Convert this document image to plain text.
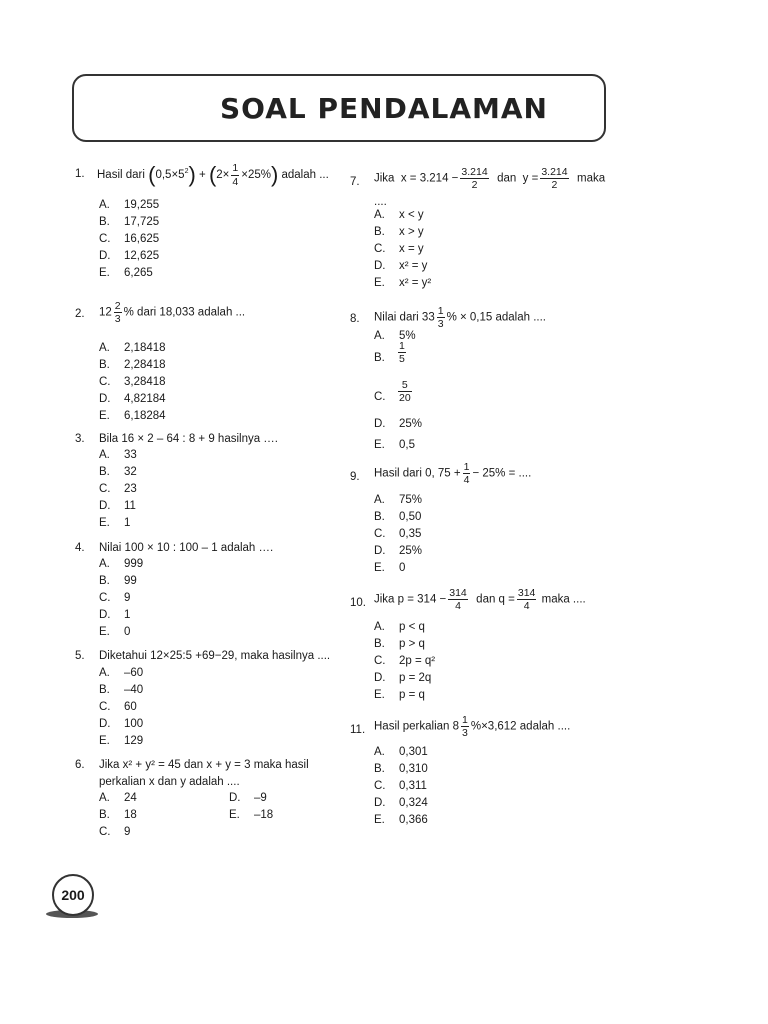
SOAL PENDALAMAN
1. Hasil dari $(0,5\times 5^2) + (2\times \frac{1}{4} \times 25\%)$ adalah ...
2. $12 \frac{2}{3}$ % dari 18,033 adalah ...
3. Bila 16 × 2 – 64 : 8 + 9 hasilnya ….
4. Nilai 100 × 10 : 100 – 1 adalah ….
5. Diketahui 12×25:5 +69−29, maka hasilnya ....
6. Jika x² + y² = 45 dan x + y = 3 maka hasil
perkalian x dan y adalah ....
7. Jika $x = 3.214 - \frac{3.214}{2}$ dan $y = \frac{3.214}{2}$ maka
....
8. Nilai dari $33 \frac{1}{3}$ % × 0,15 adalah ....
9. Hasil dari 0, $75 + \frac{1}{4} - 25\%$ = ....
10. Jika $p = 314 - \frac{314}{4}$ dan $q = \frac{314}{4}$ maka ....
11. Hasil perkalian $8 \frac{1}{3} \%\times 3,612$ adalah ....
A. 19,255
B. 17,725
C. 16,625
D. 12,625
E. 6,265
A. 2,18418
B. 2,28418
C. 3,28418
D. 4,82184
E. 6,18284
A. 33
B. 32
C. 23
D. 11
E. 1
A. 999
B. 99
C. 9
D. 1
E. 0
A. –60
B. –40
C. 60
D. 100
E. 129
A. x < y
B. x > y
C. x = y
D. x² = y
E. x² = y²
A. 75%
B. 0,50
C. 0,35
D. 25%
E. 0
A. p < q
B. p > q
C. 2p = q²
D. p = 2q
E. p = q
A. 0,301
B. 0,310
C. 0,311
D. 0,324
E. 0,366
A. 24
B. 18
C. 9
D. –9
E. –18
A. 5%
B. $\frac{1}{5}$
C. $\frac{5}{20}$
D. 25%
E. 0,5
200
